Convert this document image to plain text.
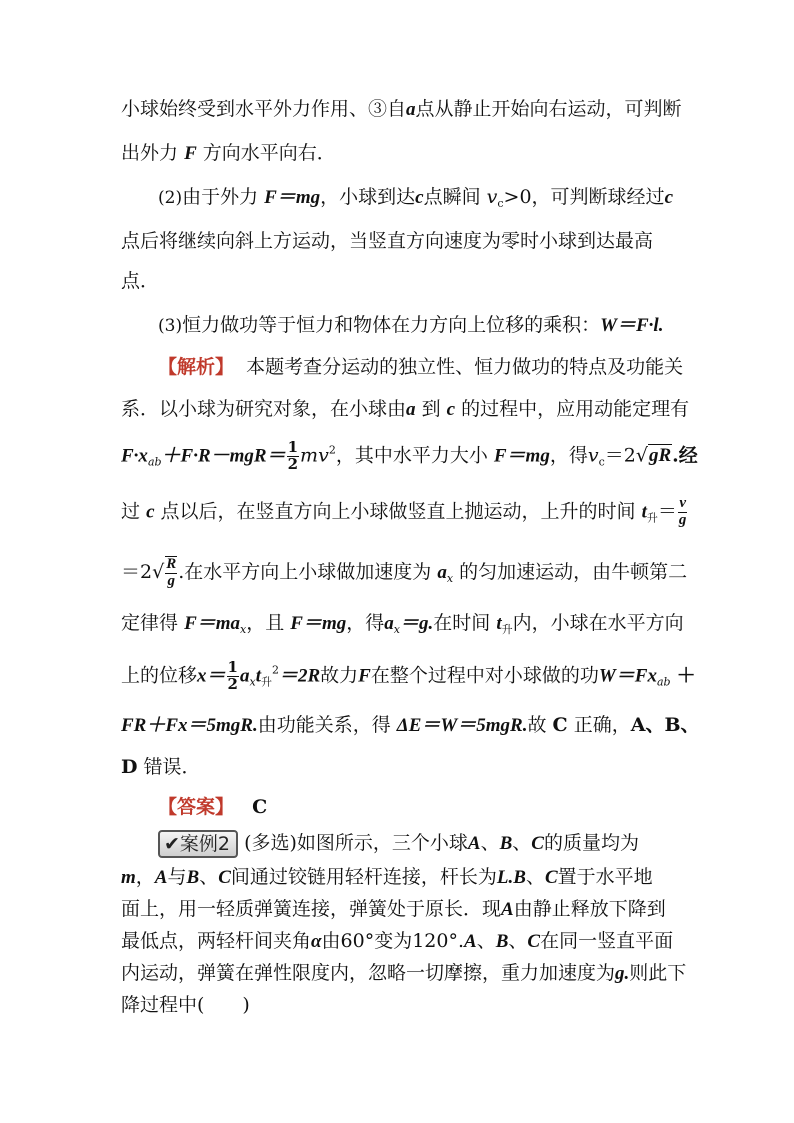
小球始终受到水平外力作用、③自a点从静止开始向右运动，可判断
出外力 F 方向水平向右．
(2)由于外力 F＝mg，小球到达c点瞬间 $v_c>0$，可判断球经过c
点后将继续向斜上方运动，当竖直方向速度为零时小球到达最高
点．
(3)恒力做功等于恒力和物体在力方向上位移的乘积：W＝F·l.
【解析】 本题考查分运动的独立性、恒力做功的特点及功能关
系．以小球为研究对象，在小球由a 到 c 的过程中，应用动能定理有
$F\cdot x_{ab}+F\cdot R-mgR= \frac{1}{2} mv^2$，其中水平力大小 F＝mg，得$v_c=2√gR$.经
过 c 点以后，在竖直方向上小球做竖直上抛运动，上升的时间 $t_升= \frac{v}{g}$
$=2√ \frac{R}{g}$ .在水平方向上小球做加速度为 $a_x$ 的匀加速运动，由牛顿第二
定律得 $F=ma_x$，且 F＝mg，得$a_x=g$.在时间 $t_升$内，小球在水平方向
上的位移$x= \frac{1}{2} a_xt_升^2=2R$故力F在整个过程中对小球做的功$W=Fx_{ab}$ ＋
FR＋Fx＝5mgR.由功能关系，得 ΔE＝W＝5mgR.故 C 正确，A、B、
D 错误．
【答案】 C
✔案例2 (多选)如图所示，三个小球A、B、C的质量均为
m，A与B、C间通过铰链用轻杆连接，杆长为L.B、C置于水平地
面上，用一轻质弹簧连接，弹簧处于原长．现A由静止释放下降到
最低点，两轻杆间夹角α由60°变为120°.A、B、C在同一竖直平面
内运动，弹簧在弹性限度内，忽略一切摩擦，重力加速度为g.则此下
降过程中(　　)
